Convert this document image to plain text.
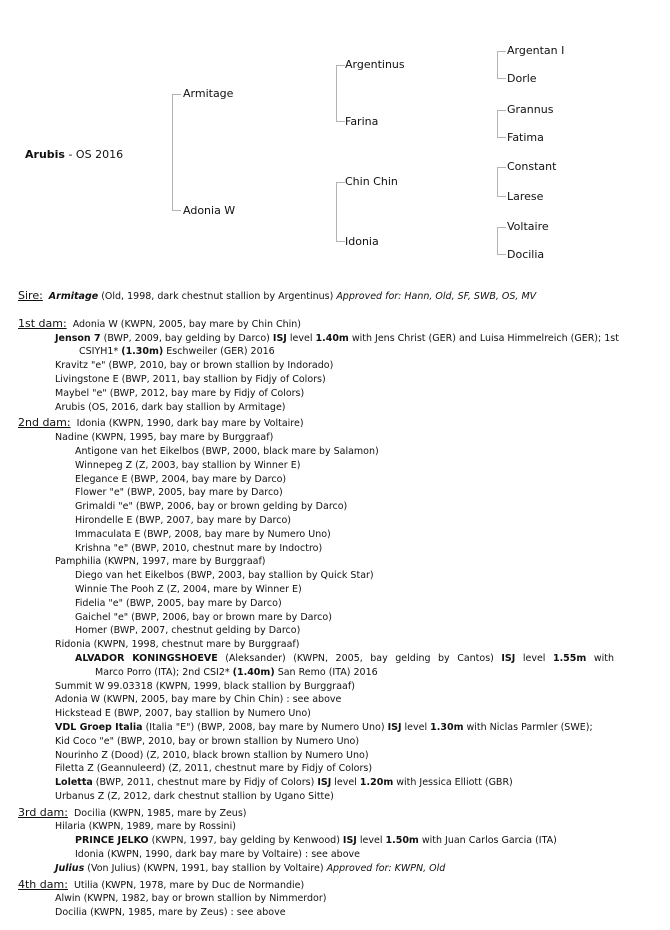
Arubis - OS 2016
Armitage
Adonia W
Argentinus
Farina
Chin Chin
Idonia
Argentan I
Dorle
Grannus
Fatima
Constant
Larese
Voltaire
Docilia
Sire: Armitage (Old, 1998, dark chestnut stallion by Argentinus) Approved for: Hann, Old, SF, SWB, OS, MV
1st dam: Adonia W (KWPN, 2005, bay mare by Chin Chin)
Jenson 7 (BWP, 2009, bay gelding by Darco) ISJ level 1.40m with Jens Christ (GER) and Luisa Himmelreich (GER); 1st
CSIYH1* (1.30m) Eschweiler (GER) 2016
Kravitz "e" (BWP, 2010, bay or brown stallion by Indorado)
Livingstone E (BWP, 2011, bay stallion by Fidjy of Colors)
Maybel "e" (BWP, 2012, bay mare by Fidjy of Colors)
Arubis (OS, 2016, dark bay stallion by Armitage)
2nd dam: Idonia (KWPN, 1990, dark bay mare by Voltaire)
Nadine (KWPN, 1995, bay mare by Burggraaf)
Antigone van het Eikelbos (BWP, 2000, black mare by Salamon)
Winnepeg Z (Z, 2003, bay stallion by Winner E)
Elegance E (BWP, 2004, bay mare by Darco)
Flower "e" (BWP, 2005, bay mare by Darco)
Grimaldi "e" (BWP, 2006, bay or brown gelding by Darco)
Hirondelle E (BWP, 2007, bay mare by Darco)
Immaculata E (BWP, 2008, bay mare by Numero Uno)
Krishna "e" (BWP, 2010, chestnut mare by Indoctro)
Pamphilia (KWPN, 1997, mare by Burggraaf)
Diego van het Eikelbos (BWP, 2003, bay stallion by Quick Star)
Winnie The Pooh Z (Z, 2004, mare by Winner E)
Fidelia "e" (BWP, 2005, bay mare by Darco)
Gaichel "e" (BWP, 2006, bay or brown mare by Darco)
Homer (BWP, 2007, chestnut gelding by Darco)
Ridonia (KWPN, 1998, chestnut mare by Burggraaf)
ALVADOR KONINGSHOEVE (Aleksander) (KWPN, 2005, bay gelding by Cantos) ISJ level 1.55m with
Marco Porro (ITA); 2nd CSI2* (1.40m) San Remo (ITA) 2016
Summit W 99.03318 (KWPN, 1999, black stallion by Burggraaf)
Adonia W (KWPN, 2005, bay mare by Chin Chin) : see above
Hickstead E (BWP, 2007, bay stallion by Numero Uno)
VDL Groep Italia (Italia "E") (BWP, 2008, bay mare by Numero Uno) ISJ level 1.30m with Niclas Parmler (SWE);
Kid Coco "e" (BWP, 2010, bay or brown stallion by Numero Uno)
Nourinho Z (Dood) (Z, 2010, black brown stallion by Numero Uno)
Filetta Z (Geannuleerd) (Z, 2011, chestnut mare by Fidjy of Colors)
Loletta (BWP, 2011, chestnut mare by Fidjy of Colors) ISJ level 1.20m with Jessica Elliott (GBR)
Urbanus Z (Z, 2012, dark chestnut stallion by Ugano Sitte)
3rd dam: Docilia (KWPN, 1985, mare by Zeus)
Hilaria (KWPN, 1989, mare by Rossini)
PRINCE JELKO (KWPN, 1997, bay gelding by Kenwood) ISJ level 1.50m with Juan Carlos Garcia (ITA)
Idonia (KWPN, 1990, dark bay mare by Voltaire) : see above
Julius (Von Julius) (KWPN, 1991, bay stallion by Voltaire) Approved for: KWPN, Old
4th dam: Utilia (KWPN, 1978, mare by Duc de Normandie)
Alwin (KWPN, 1982, bay or brown stallion by Nimmerdor)
Docilia (KWPN, 1985, mare by Zeus) : see above
